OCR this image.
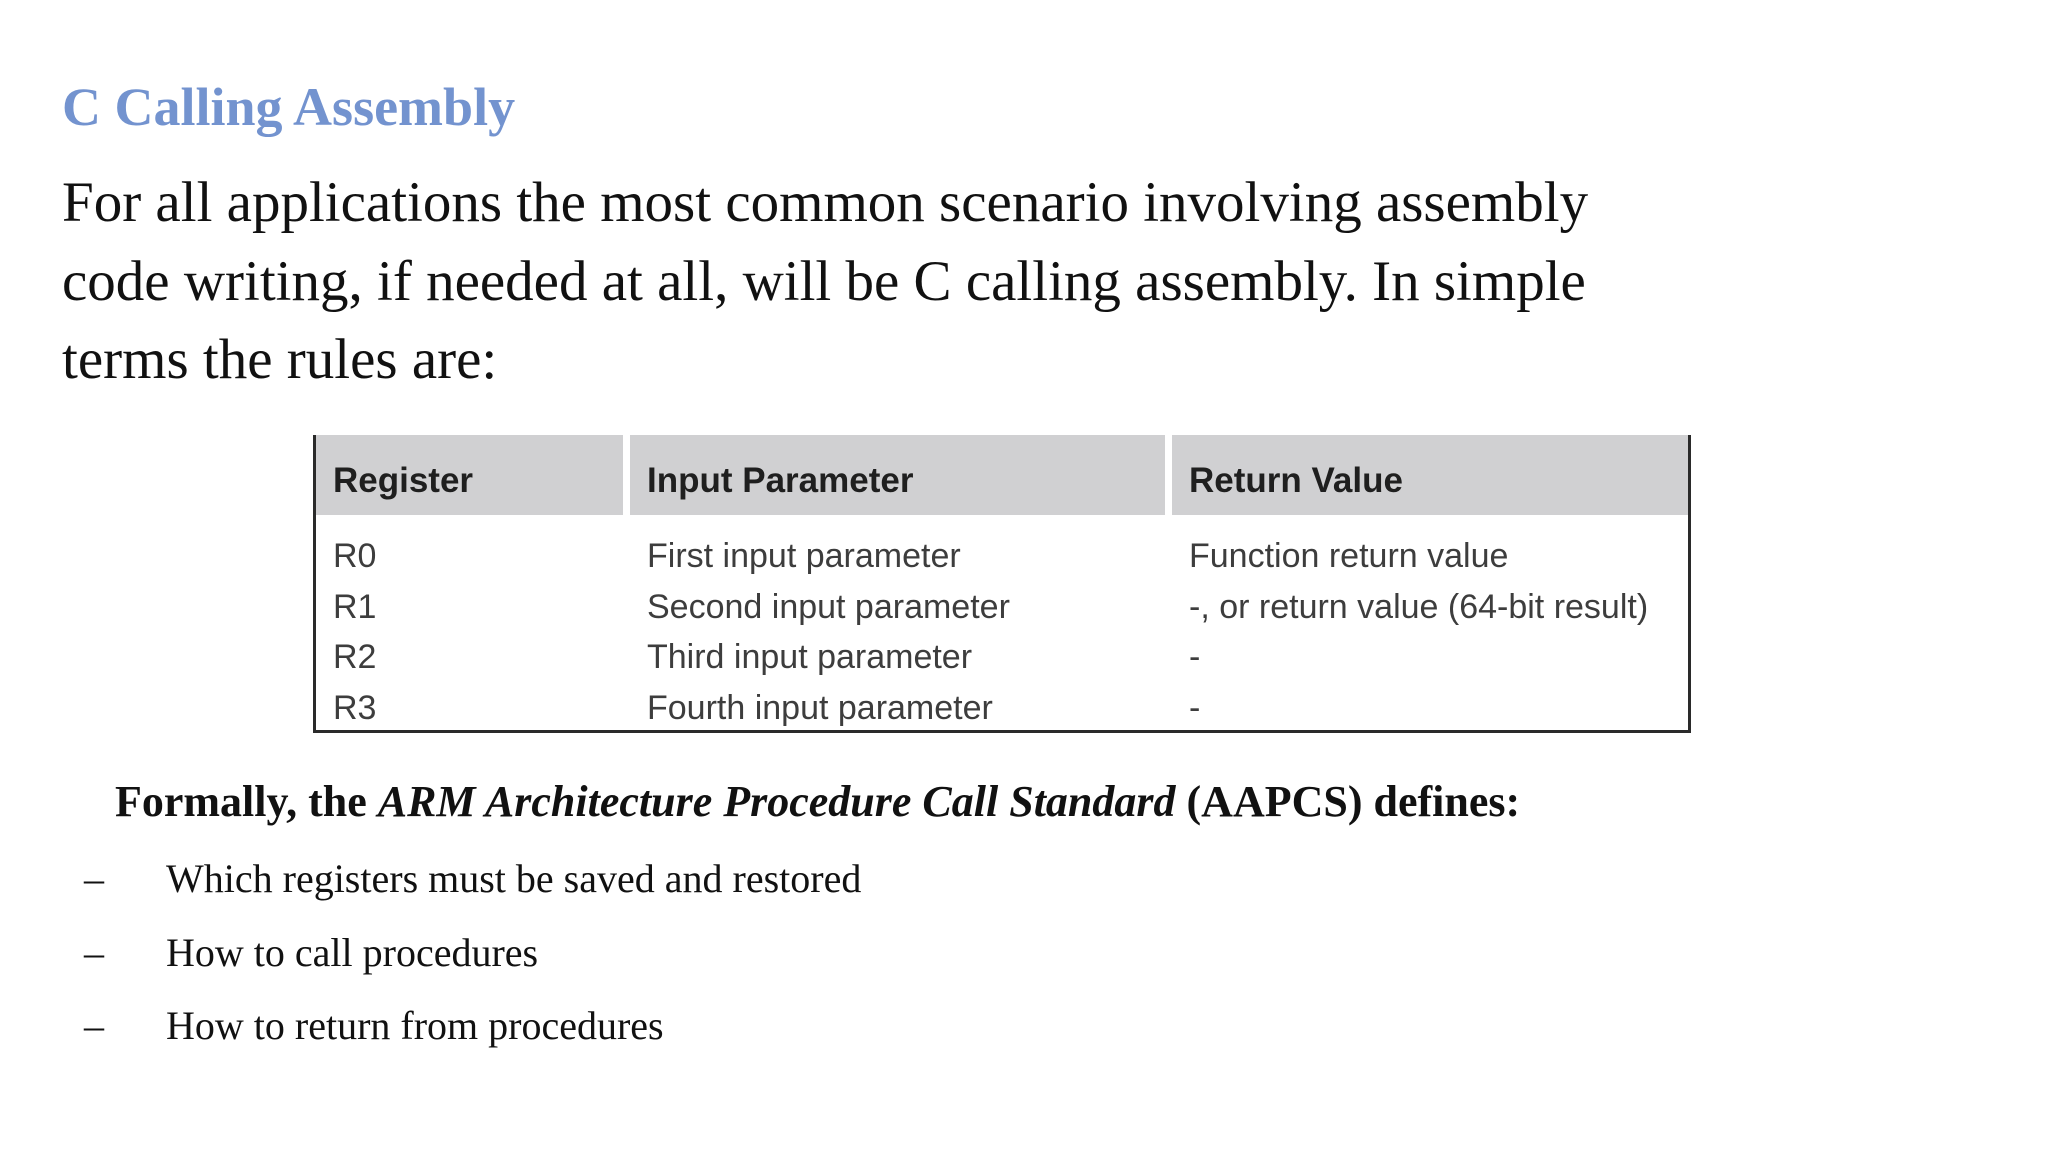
C Calling Assembly

For all applications the most common scenario involving assembly code writing, if needed at all, will be C calling assembly. In simple terms the rules are:

Register	Input Parameter	Return Value
R0	First input parameter	Function return value
R1	Second input parameter	-, or return value (64-bit result)
R2	Third input parameter	-
R3	Fourth input parameter	-

Formally, the ARM Architecture Procedure Call Standard (AAPCS) defines:

– Which registers must be saved and restored
– How to call procedures
– How to return from procedures
